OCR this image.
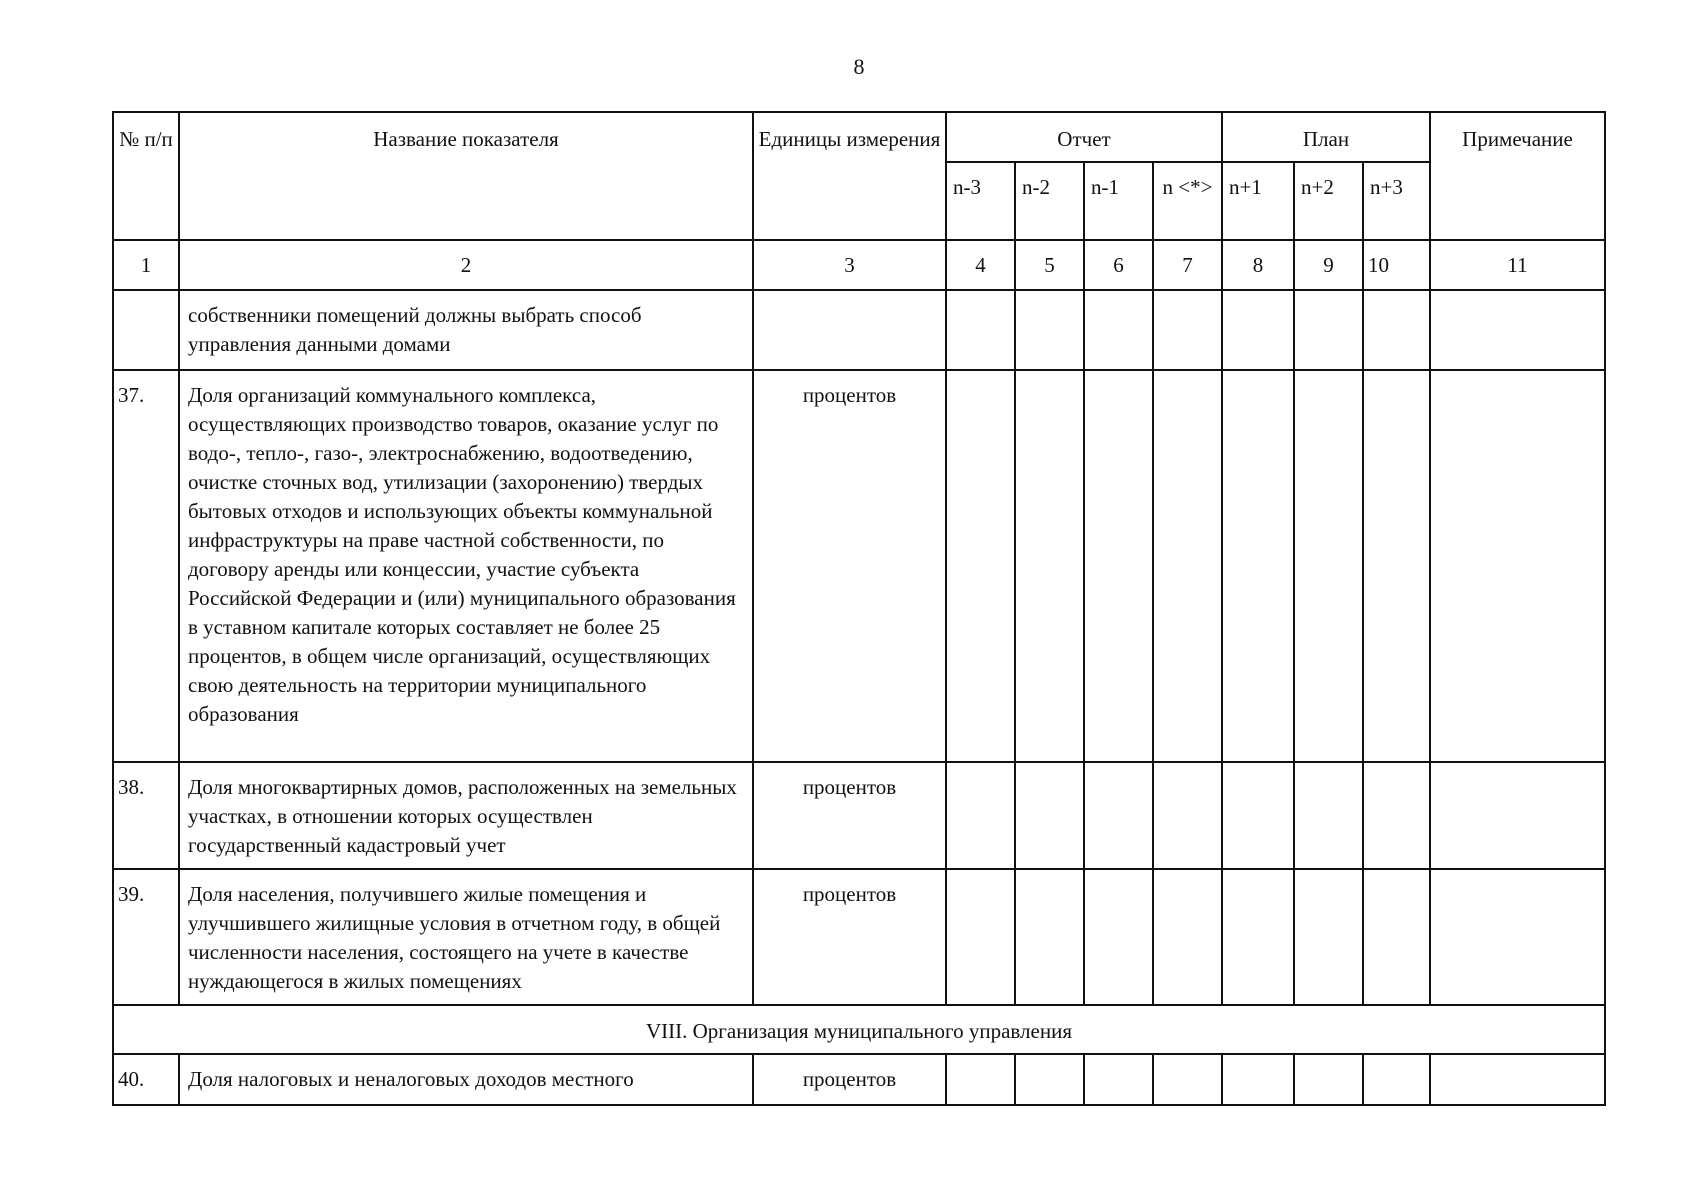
8
№ п/п	Название показателя	Единицы измерения	Отчет				План			Примечание
			n-3	n-2	n-1	n <*>	n+1	n+2	n+3	
1	2	3	4	5	6	7	8	9	10	11
	собственники помещений должны выбрать способ управления данными домами									
37.	Доля организаций коммунального комплекса, осуществляющих производство товаров, оказание услуг по водо-, тепло-, газо-, электроснабжению, водоотведению, очистке сточных вод, утилизации (захоронению) твердых бытовых отходов и использующих объекты коммунальной инфраструктуры на праве частной собственности, по договору аренды или концессии, участие субъекта Российской Федерации и (или) муниципального образования в уставном капитале которых составляет не более 25 процентов, в общем числе организаций, осуществляющих свою деятельность на территории муниципального образования	процентов								
38.	Доля многоквартирных домов, расположенных на земельных участках, в отношении которых осуществлен государственный кадастровый учет	процентов								
39.	Доля населения, получившего жилые помещения и улучшившего жилищные условия в отчетном году, в общей численности населения, состоящего на учете в качестве нуждающегося в жилых помещениях	процентов								
VIII. Организация муниципального управления										
40.	Доля налоговых и неналоговых доходов местного	процентов								
